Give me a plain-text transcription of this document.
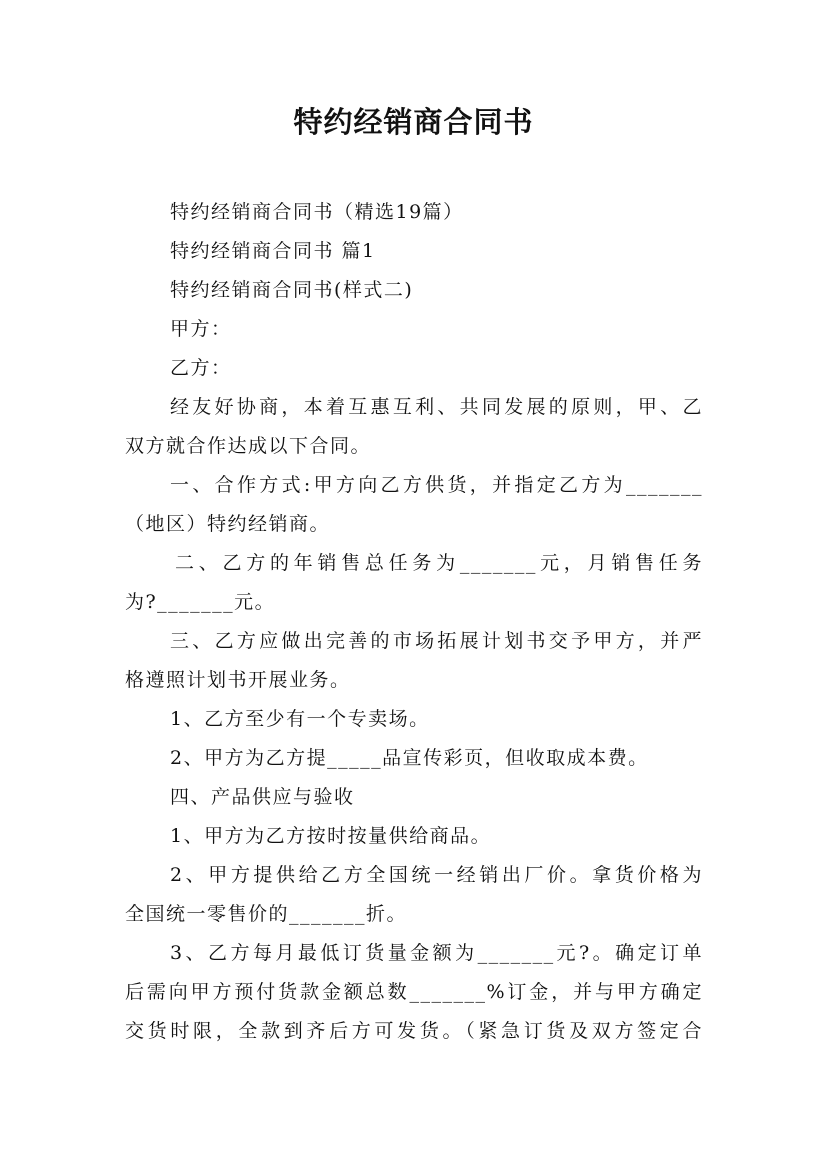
特约经销商合同书
特约经销商合同书（精选19篇）
特约经销商合同书 篇1
特约经销商合同书(样式二)
甲方：
乙方：
经友好协商，本着互惠互利、共同发展的原则，甲、乙
双方就合作达成以下合同。
一、合作方式:甲方向乙方供货，并指定乙方为_______
（地区）特约经销商。
二、乙方的年销售总任务为_______元，月销售任务
为?_______元。
三、乙方应做出完善的市场拓展计划书交予甲方，并严
格遵照计划书开展业务。
1、乙方至少有一个专卖场。
2、甲方为乙方提_____品宣传彩页，但收取成本费。
四、产品供应与验收
1、甲方为乙方按时按量供给商品。
2、甲方提供给乙方全国统一经销出厂价。拿货价格为
全国统一零售价的_______折。
3、乙方每月最低订货量金额为_______元?。确定订单
后需向甲方预付货款金额总数_______%订金，并与甲方确定
交货时限，全款到齐后方可发货。（紧急订货及双方签定合
